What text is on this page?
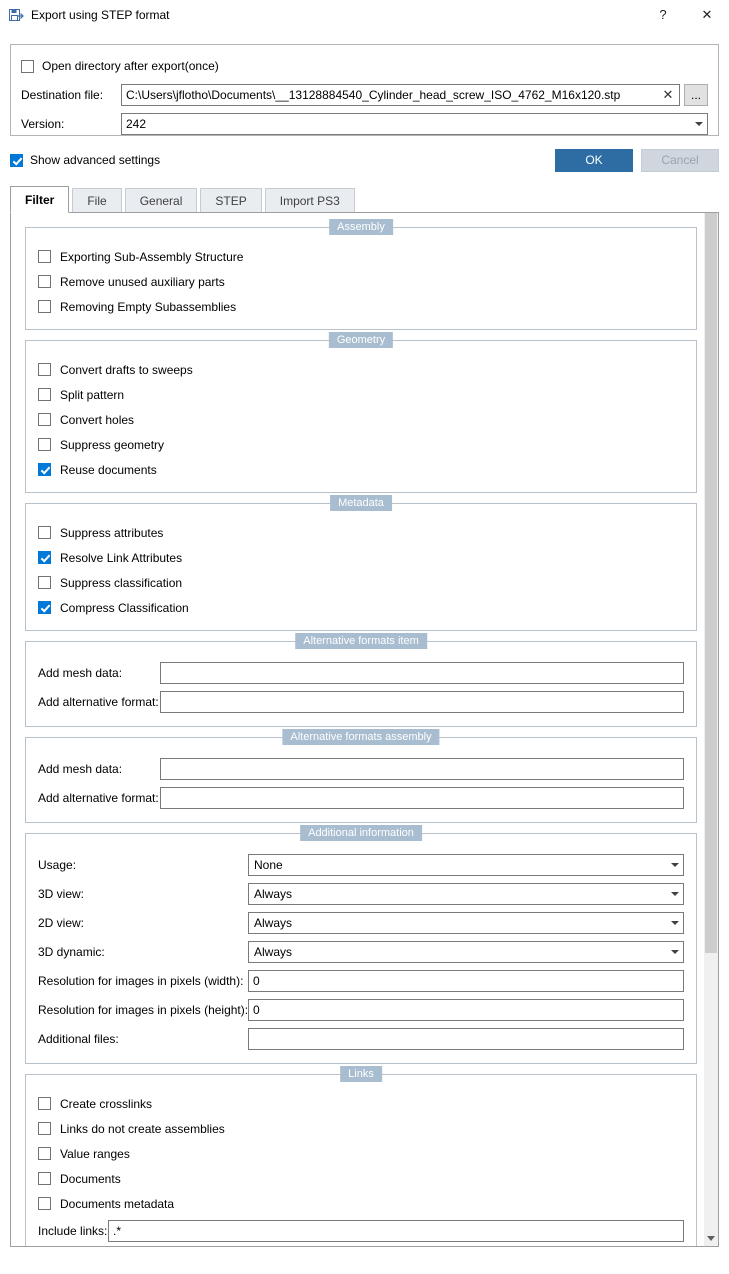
Export using STEP format	?	✕
Open directory after export(once)
Destination file:	C:\Users\jflotho\Documents\__13128884540_Cylinder_head_screw_ISO_4762_M16x120.stp	✕	...
Version:	242
Show advanced settings	OK	Cancel
Filter	File	General	STEP	Import PS3
Assembly
Exporting Sub-Assembly Structure
Remove unused auxiliary parts
Removing Empty Subassemblies
Geometry
Convert drafts to sweeps
Split pattern
Convert holes
Suppress geometry
Reuse documents
Metadata
Suppress attributes
Resolve Link Attributes
Suppress classification
Compress Classification
Alternative formats item
Add mesh data:
Add alternative format:
Alternative formats assembly
Add mesh data:
Add alternative format:
Additional information
Usage:	None
3D view:	Always
2D view:	Always
3D dynamic:	Always
Resolution for images in pixels (width): 0
Resolution for images in pixels (height): 0
Additional files:
Links
Create crosslinks
Links do not create assemblies
Value ranges
Documents
Documents metadata
Include links: .*
